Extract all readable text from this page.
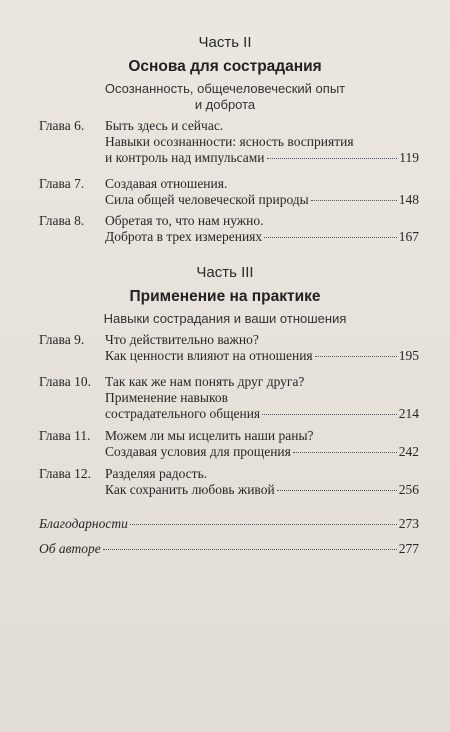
Часть II
Основа для сострадания
Осознанность, общечеловеческий опыт
и доброта
Глава 6.	Быть здесь и сейчас.
Навыки осознанности: ясность восприятия
и контроль над импульсами	119
Глава 7.	Создавая отношения.
Сила общей человеческой природы	148
Глава 8.	Обретая то, что нам нужно.
Доброта в трех измерениях	167
Часть III
Применение на практике
Навыки сострадания и ваши отношения
Глава 9.	Что действительно важно?
Как ценности влияют на отношения	195
Глава 10.	Так как же нам понять друг друга?
Применение навыков
сострадательного общения	214
Глава 11.	Можем ли мы исцелить наши раны?
Создавая условия для прощения	242
Глава 12.	Разделяя радость.
Как сохранить любовь живой	256
Благодарности	273
Об авторе	277
